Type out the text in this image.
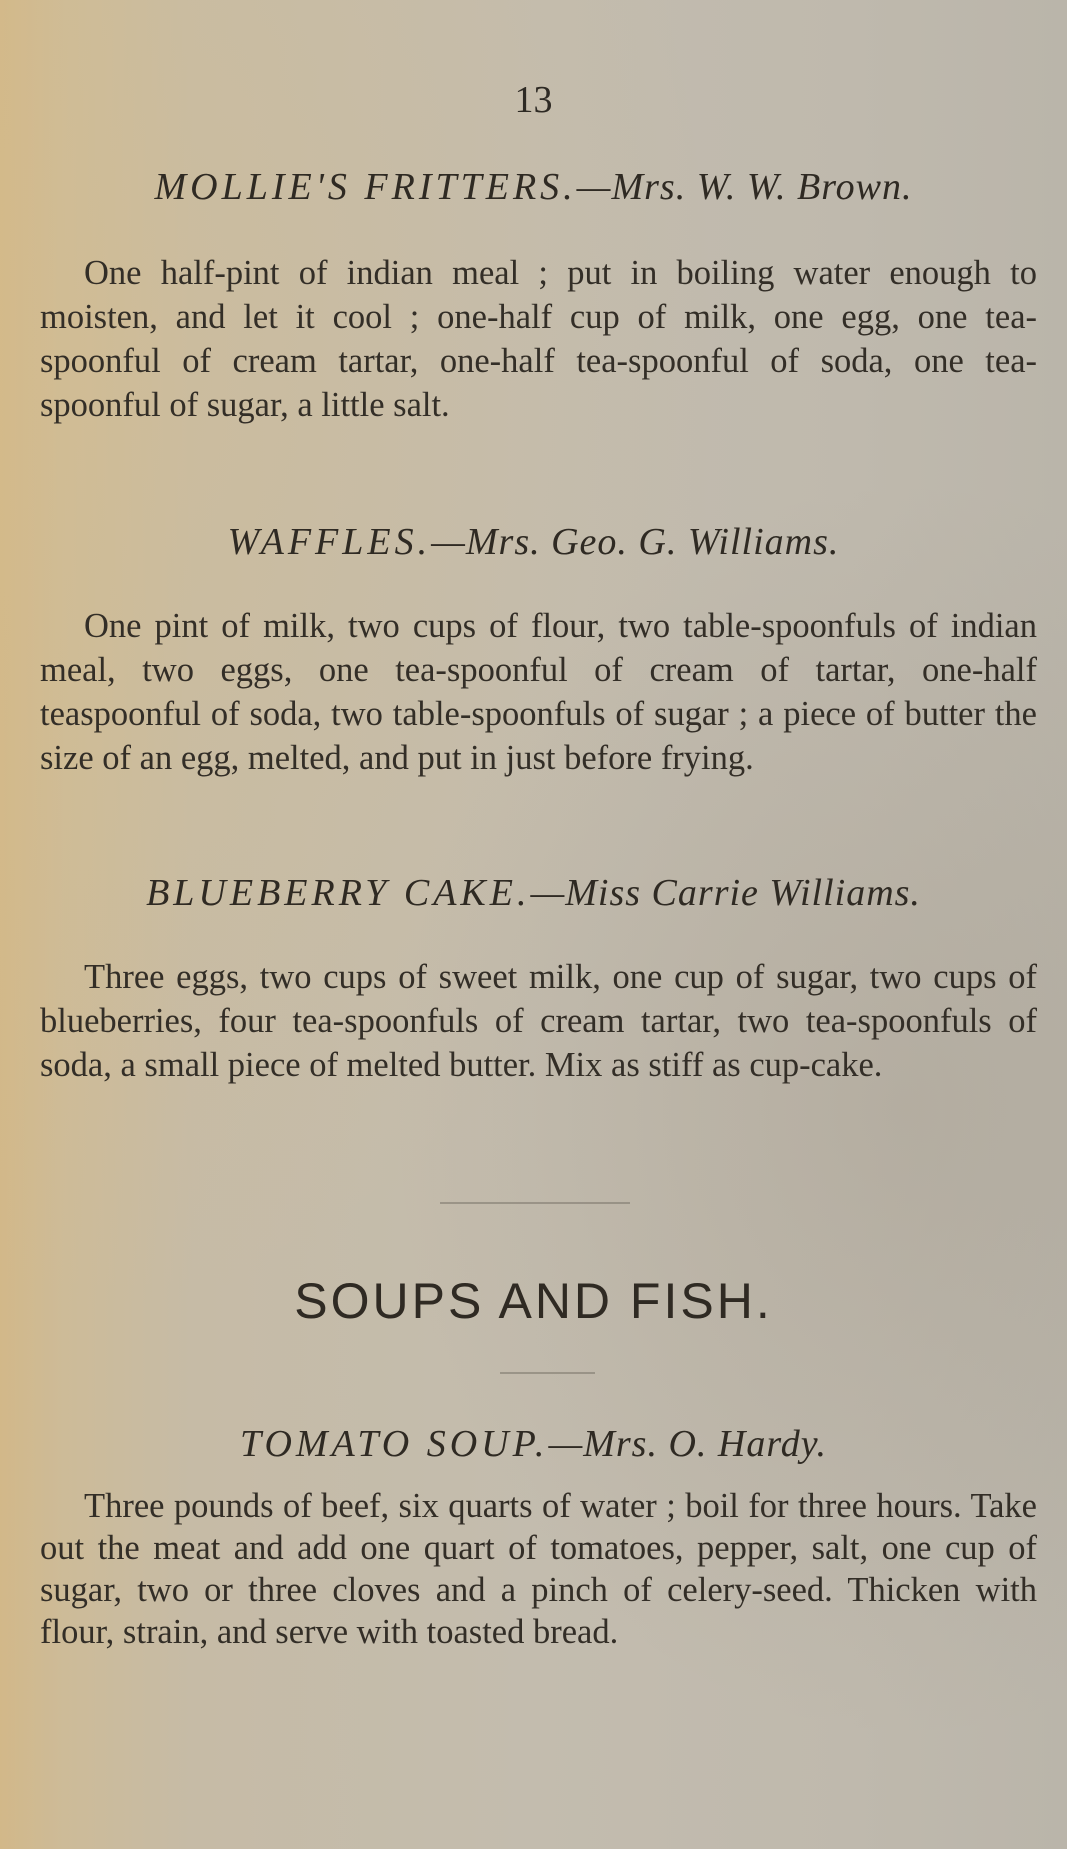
13
MOLLIE'S FRITTERS.—Mrs. W. W. Brown.

One half-pint of indian meal ; put in boiling water enough to moisten, and let it cool ; one-half cup of milk, one egg, one tea-spoonful of cream tartar, one-half tea-spoonful of soda, one tea-spoonful of sugar, a little salt.

WAFFLES.—Mrs. Geo. G. Williams.

One pint of milk, two cups of flour, two table-spoonfuls of indian meal, two eggs, one tea-spoonful of cream of tartar, one-half teaspoonful of soda, two table-spoonfuls of sugar ; a piece of butter the size of an egg, melted, and put in just before frying.

BLUEBERRY CAKE.—Miss Carrie Williams.

Three eggs, two cups of sweet milk, one cup of sugar, two cups of blueberries, four tea-spoonfuls of cream tartar, two tea-spoonfuls of soda, a small piece of melted butter. Mix as stiff as cup-cake.

SOUPS AND FISH.
TOMATO SOUP.—Mrs. O. Hardy.

Three pounds of beef, six quarts of water ; boil for three hours. Take out the meat and add one quart of tomatoes, pepper, salt, one cup of sugar, two or three cloves and a pinch of celery-seed. Thicken with flour, strain, and serve with toasted bread.
